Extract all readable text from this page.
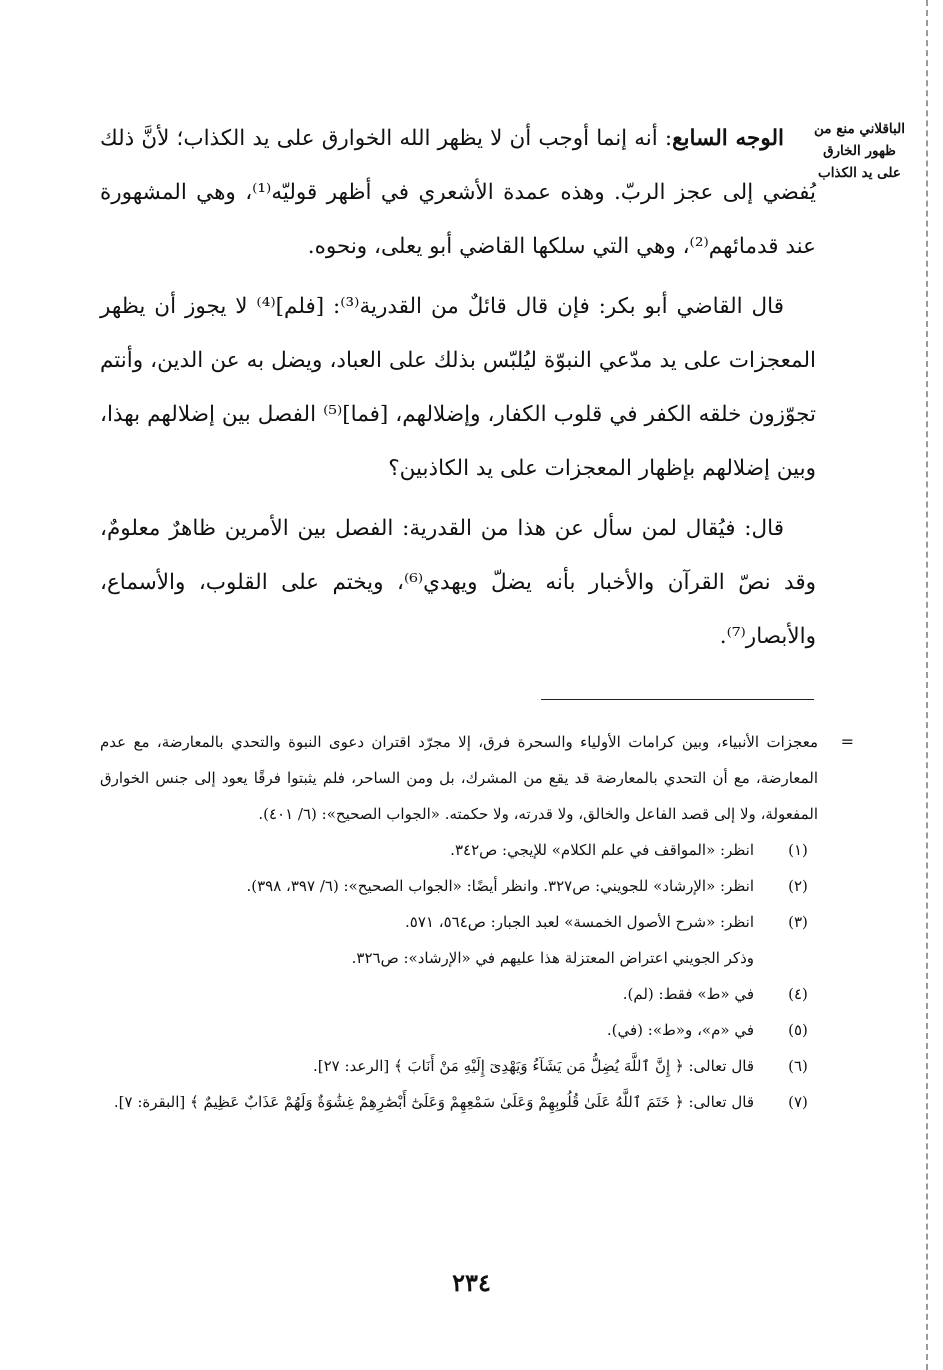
الباقلاني منع من ظهور الخارق على يد الكذاب

الوجه السابع: أنه إنما أوجب أن لا يظهر الله الخوارق على يد الكذاب؛ لأنَّ ذلك يُفضي إلى عجز الربّ. وهذه عمدة الأشعري في أظهر قوليّه⁽¹⁾، وهي المشهورة عند قدمائهم⁽²⁾، وهي التي سلكها القاضي أبو يعلى، ونحوه.

قال القاضي أبو بكر: فإن قال قائلٌ من القدرية⁽³⁾: [فلم]⁽⁴⁾ لا يجوز أن يظهر المعجزات على يد مدّعي النبوّة ليُلبّس بذلك على العباد، ويضل به عن الدين، وأنتم تجوّزون خلقه الكفر في قلوب الكفار، وإضلالهم، [فما]⁽⁵⁾ الفصل بين إضلالهم بهذا، وبين إضلالهم بإظهار المعجزات على يد الكاذبين؟

قال: فيُقال لمن سأل عن هذا من القدرية: الفصل بين الأمرين ظاهرٌ معلومٌ، وقد نصّ القرآن والأخبار بأنه يضلّ ويهدي⁽⁶⁾، ويختم على القلوب، والأسماع، والأبصار⁽⁷⁾.

=
معجزات الأنبياء، وبين كرامات الأولياء والسحرة فرق، إلا مجرّد اقتران دعوى النبوة والتحدي بالمعارضة، مع عدم المعارضة، مع أن التحدي بالمعارضة قد يقع من المشرك، بل ومن الساحر، فلم يثبتوا فرقًا يعود إلى جنس الخوارق المفعولة، ولا إلى قصد الفاعل والخالق، ولا قدرته، ولا حكمته. «الجواب الصحيح»: (٦/ ٤٠١).
(١)
انظر: «المواقف في علم الكلام» للإيجي: ص٣٤٢.
(٢)
انظر: «الإرشاد» للجويني: ص٣٢٧. وانظر أيضًا: «الجواب الصحيح»: (٦/ ٣٩٧، ٣٩٨).
(٣)
انظر: «شرح الأصول الخمسة» لعبد الجبار: ص٥٦٤، ٥٧١.
وذكر الجويني اعتراض المعتزلة هذا عليهم في «الإرشاد»: ص٣٢٦.
(٤)
في «ط» فقط: (لم).
(٥)
في «م»، و«ط»: (في).
(٦)
قال تعالى: ﴿ إِنَّ ٱللَّهَ يُضِلُّ مَن يَشَآءُ وَيَهْدِىٓ إِلَيْهِ مَنْ أَنَابَ ﴾ [الرعد: ٢٧].
(٧)
قال تعالى: ﴿ خَتَمَ ٱللَّهُ عَلَىٰ قُلُوبِهِمْ وَعَلَىٰ سَمْعِهِمْ وَعَلَىٰٓ أَبْصَٰرِهِمْ غِشَٰوَةٌ وَلَهُمْ عَذَابٌ عَظِيمٌ ﴾ [البقرة: ٧].
٢٣٤
